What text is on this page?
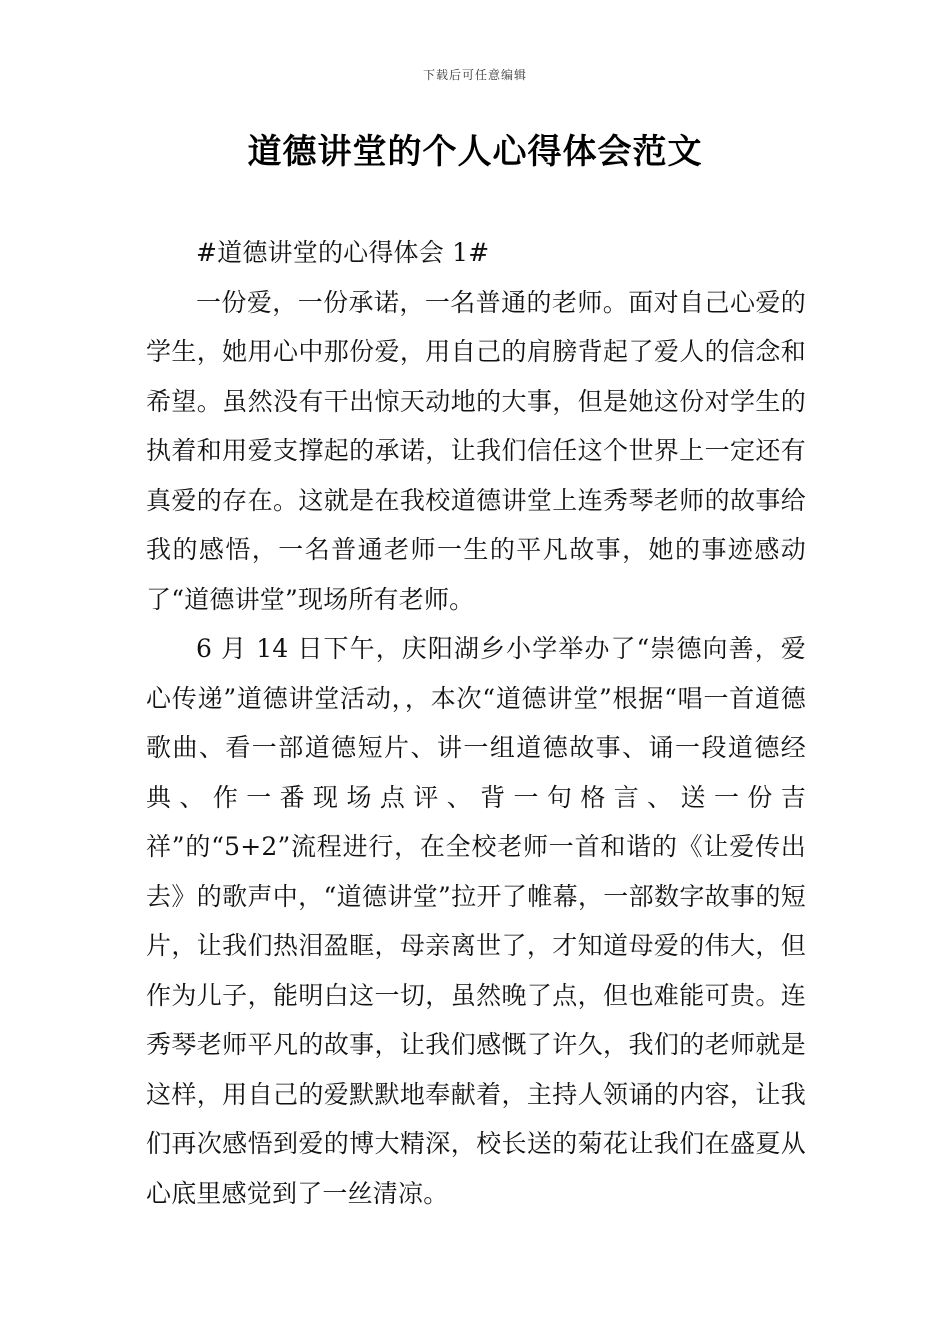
下载后可任意编辑
道德讲堂的个人心得体会范文

#道德讲堂的心得体会 1#

一份爱，一份承诺，一名普通的老师。面对自己心爱的学生，她用心中那份爱，用自己的肩膀背起了爱人的信念和希望。虽然没有干出惊天动地的大事，但是她这份对学生的执着和用爱支撑起的承诺，让我们信任这个世界上一定还有真爱的存在。这就是在我校道德讲堂上连秀琴老师的故事给我的感悟，一名普通老师一生的平凡故事，她的事迹感动了“道德讲堂”现场所有老师。

6 月 14 日下午，庆阳湖乡小学举办了“崇德向善，爱心传递”道德讲堂活动，，本次“道德讲堂”根据“唱一首道德歌曲、看一部道德短片、讲一组道德故事、诵一段道德经典、作一番现场点评、背一句格言、送一份吉祥”的“5+2”流程进行，在全校老师一首和谐的《让爱传出去》的歌声中，“道德讲堂”拉开了帷幕，一部数字故事的短片，让我们热泪盈眶，母亲离世了，才知道母爱的伟大，但作为儿子，能明白这一切，虽然晚了点，但也难能可贵。连秀琴老师平凡的故事，让我们感慨了许久，我们的老师就是这样，用自己的爱默默地奉献着，主持人领诵的内容，让我们再次感悟到爱的博大精深，校长送的菊花让我们在盛夏从心底里感觉到了一丝清凉。
